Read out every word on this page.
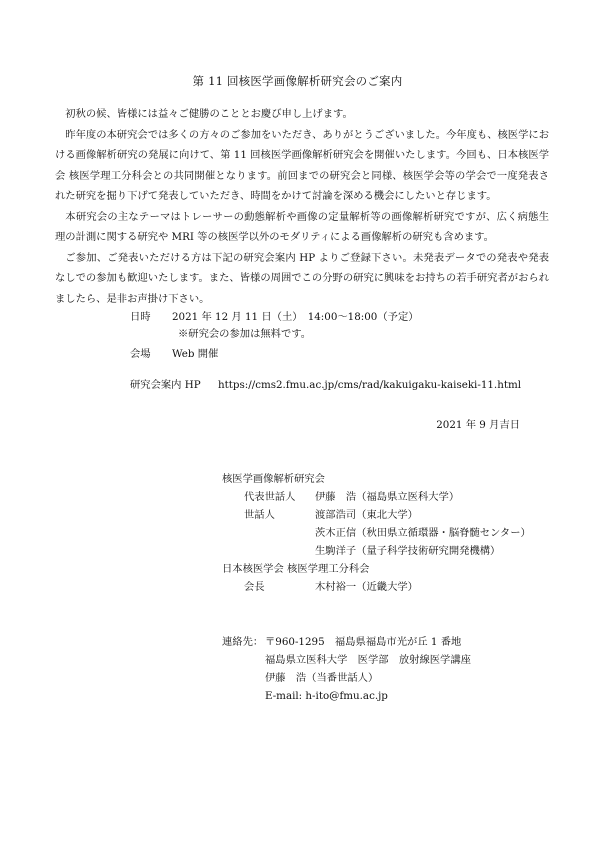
第 11 回核医学画像解析研究会のご案内

初秋の候、皆様には益々ご健勝のこととお慶び申し上げます。

昨年度の本研究会では多くの方々のご参加をいただき、ありがとうございました。今年度も、核医学における画像解析研究の発展に向けて、第 11 回核医学画像解析研究会を開催いたします。今回も、日本核医学会 核医学理工分科会との共同開催となります。前回までの研究会と同様、核医学会等の学会で一度発表された研究を掘り下げて発表していただき、時間をかけて討論を深める機会にしたいと存じます。

本研究会の主なテーマはトレーサーの動態解析や画像の定量解析等の画像解析研究ですが、広く病態生理の計測に関する研究や MRI 等の核医学以外のモダリティによる画像解析の研究も含めます。

ご参加、ご発表いただける方は下記の研究会案内 HP よりご登録下さい。未発表データでの発表や発表なしでの参加も歓迎いたします。また、皆様の周囲でこの分野の研究に興味をお持ちの若手研究者がおられましたら、是非お声掛け下さい。

日時 2021 年 12 月 11 日（土）　14:00～18:00（予定）
※研究会の参加は無料です。
会場 Web 開催
研究会案内 HP https://cms2.fmu.ac.jp/cms/rad/kakuigaku-kaiseki-11.html
2021 年 9 月吉日
核医学画像解析研究会
代表世話人 伊藤　浩（福島県立医科大学）
世話人	渡部浩司（東北大学）
茨木正信（秋田県立循環器・脳脊髄センター）
生駒洋子（量子科学技術研究開発機構）
日本核医学会 核医学理工分科会
会長	木村裕一（近畿大学）
連絡先： 〒960-1295　福島県福島市光が丘 1 番地
福島県立医科大学　医学部　放射線医学講座
伊藤　浩（当番世話人）
E-mail: h-ito@fmu.ac.jp
